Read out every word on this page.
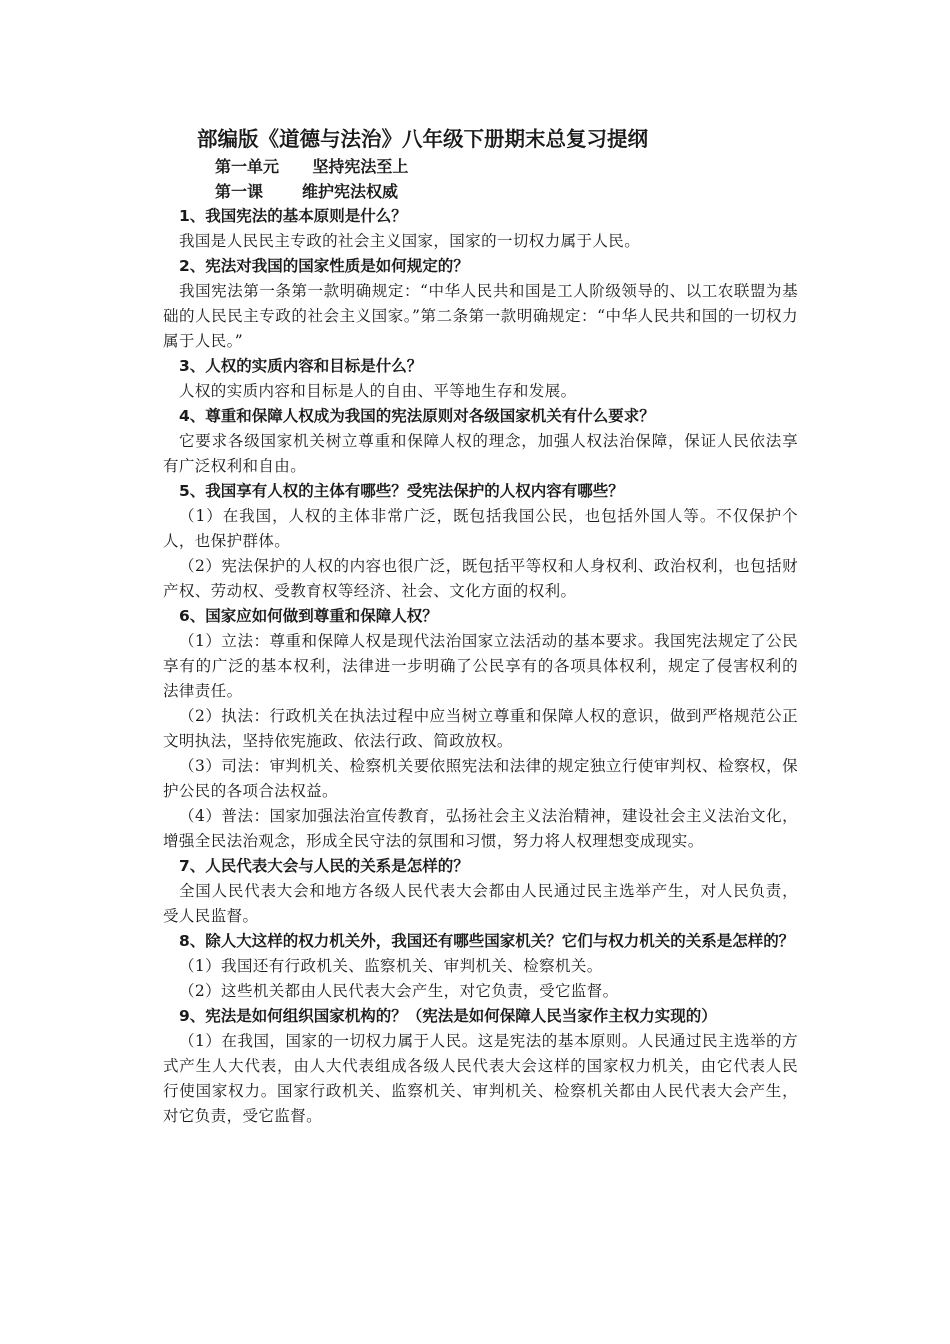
部编版《道德与法治》八年级下册期末总复习提纲
第一单元      坚持宪法至上
第一课       维护宪法权威

1、我国宪法的基本原则是什么？

我国是人民民主专政的社会主义国家，国家的一切权力属于人民。

2、宪法对我国的国家性质是如何规定的？

我国宪法第一条第一款明确规定：“中华人民共和国是工人阶级领导的、以工农联盟为基础的人民民主专政的社会主义国家。”第二条第一款明确规定：“中华人民共和国的一切权力属于人民。”

3、人权的实质内容和目标是什么？

人权的实质内容和目标是人的自由、平等地生存和发展。

4、尊重和保障人权成为我国的宪法原则对各级国家机关有什么要求？

它要求各级国家机关树立尊重和保障人权的理念，加强人权法治保障，保证人民依法享有广泛权利和自由。

5、我国享有人权的主体有哪些？受宪法保护的人权内容有哪些？

（1）在我国，人权的主体非常广泛，既包括我国公民，也包括外国人等。不仅保护个人，也保护群体。

（2）宪法保护的人权的内容也很广泛，既包括平等权和人身权利、政治权利，也包括财产权、劳动权、受教育权等经济、社会、文化方面的权利。

6、国家应如何做到尊重和保障人权？

（1）立法：尊重和保障人权是现代法治国家立法活动的基本要求。我国宪法规定了公民享有的广泛的基本权利，法律进一步明确了公民享有的各项具体权利，规定了侵害权利的法律责任。

（2）执法：行政机关在执法过程中应当树立尊重和保障人权的意识，做到严格规范公正文明执法，坚持依宪施政、依法行政、简政放权。

（3）司法：审判机关、检察机关要依照宪法和法律的规定独立行使审判权、检察权，保护公民的各项合法权益。

（4）普法：国家加强法治宣传教育，弘扬社会主义法治精神，建设社会主义法治文化，增强全民法治观念，形成全民守法的氛围和习惯，努力将人权理想变成现实。

7、人民代表大会与人民的关系是怎样的？

全国人民代表大会和地方各级人民代表大会都由人民通过民主选举产生，对人民负责，受人民监督。

8、除人大这样的权力机关外，我国还有哪些国家机关？它们与权力机关的关系是怎样的？

（1）我国还有行政机关、监察机关、审判机关、检察机关。

（2）这些机关都由人民代表大会产生，对它负责，受它监督。

9、宪法是如何组织国家机构的？（宪法是如何保障人民当家作主权力实现的）

（1）在我国，国家的一切权力属于人民。这是宪法的基本原则。人民通过民主选举的方式产生人大代表，由人大代表组成各级人民代表大会这样的国家权力机关，由它代表人民行使国家权力。国家行政机关、监察机关、审判机关、检察机关都由人民代表大会产生，对它负责，受它监督。
